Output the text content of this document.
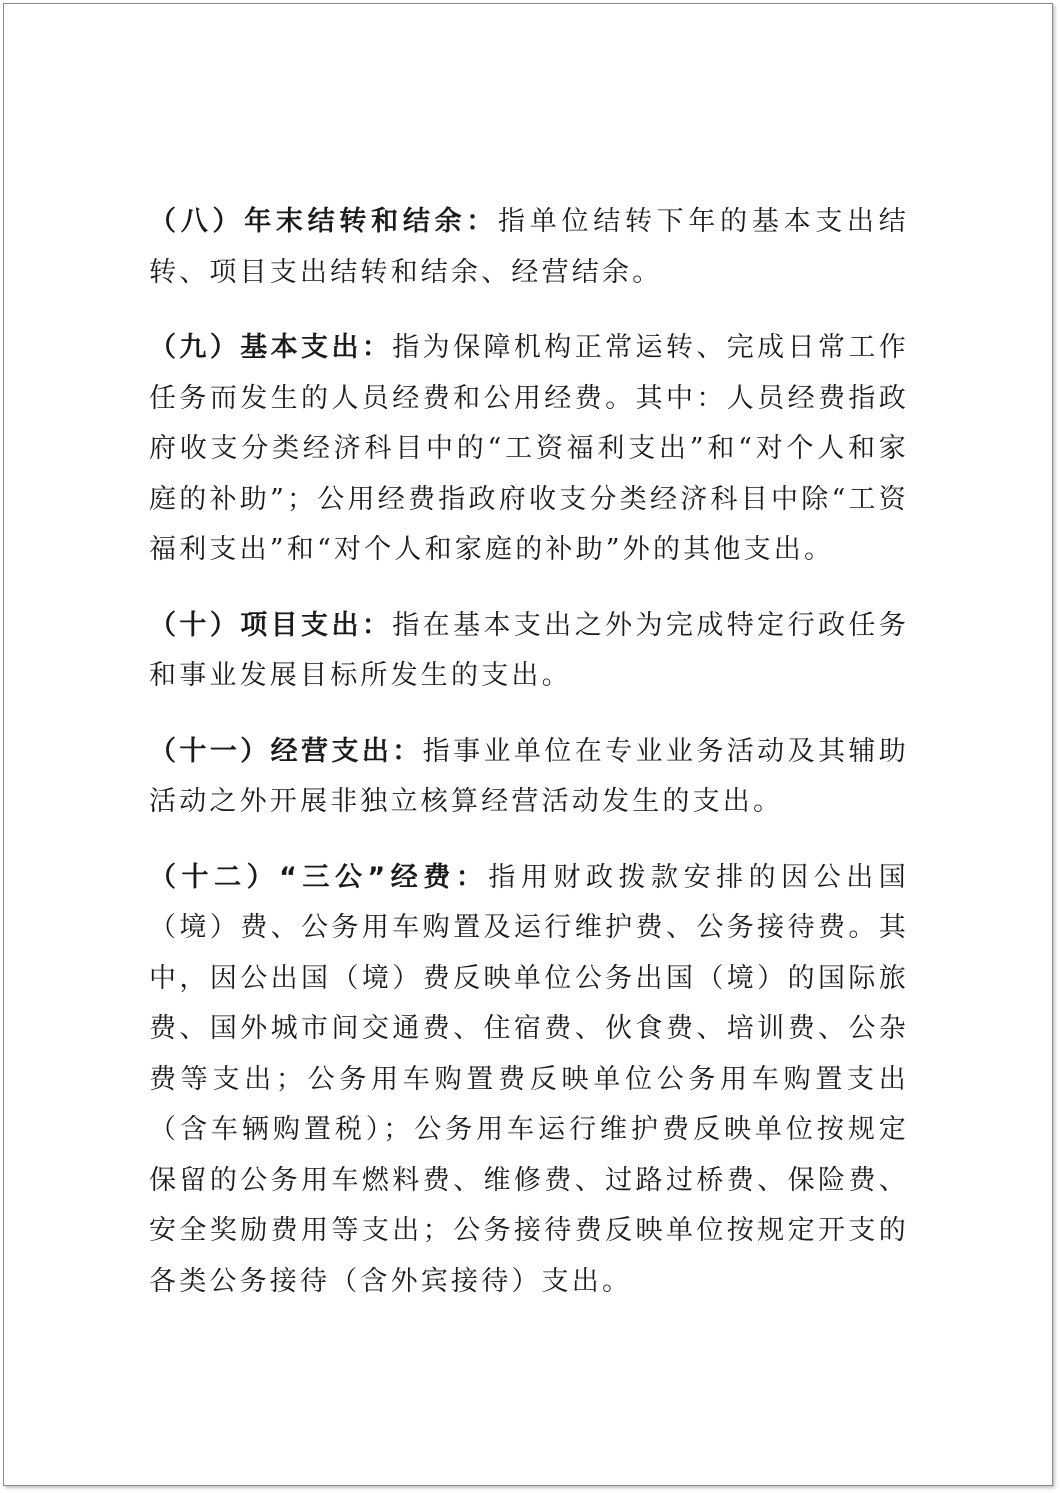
（八）年末结转和结余：指单位结转下年的基本支出结转、项目支出结转和结余、经营结余。

（九）基本支出：指为保障机构正常运转、完成日常工作任务而发生的人员经费和公用经费。其中：人员经费指政府收支分类经济科目中的“工资福利支出”和“对个人和家庭的补助”；公用经费指政府收支分类经济科目中除“工资福利支出”和“对个人和家庭的补助”外的其他支出。

（十）项目支出：指在基本支出之外为完成特定行政任务和事业发展目标所发生的支出。

（十一）经营支出：指事业单位在专业业务活动及其辅助活动之外开展非独立核算经营活动发生的支出。

（十二）“三公”经费：指用财政拨款安排的因公出国（境）费、公务用车购置及运行维护费、公务接待费。其中，因公出国（境）费反映单位公务出国（境）的国际旅费、国外城市间交通费、住宿费、伙食费、培训费、公杂费等支出；公务用车购置费反映单位公务用车购置支出（含车辆购置税）；公务用车运行维护费反映单位按规定保留的公务用车燃料费、维修费、过路过桥费、保险费、安全奖励费用等支出；公务接待费反映单位按规定开支的各类公务接待（含外宾接待）支出。
